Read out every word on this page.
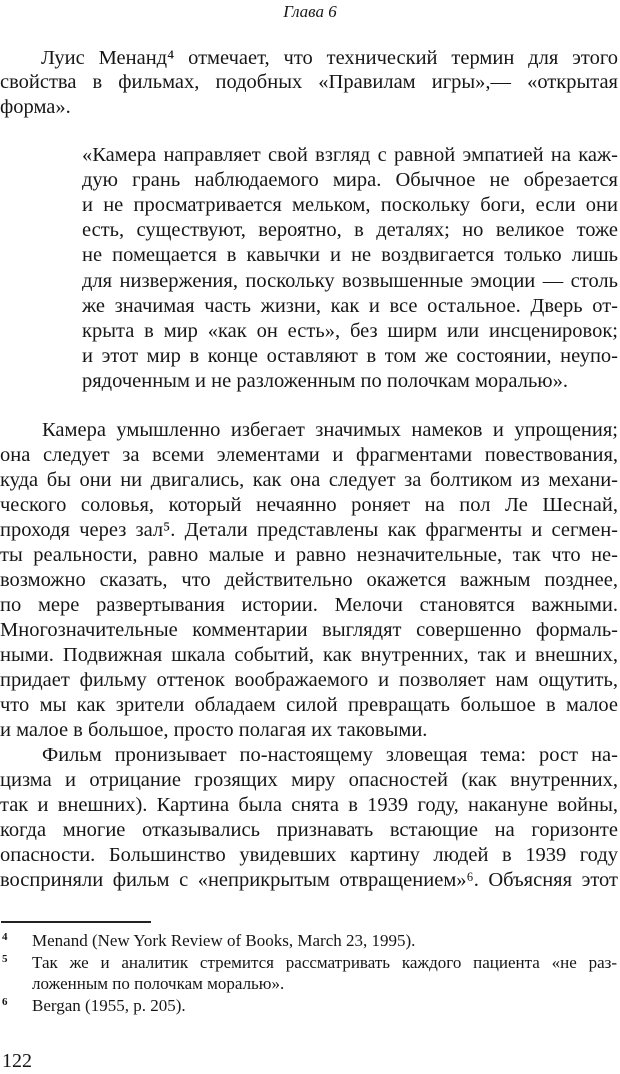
Глава 6
Луис Менанд⁴ отмечает, что технический термин для этого
свойства в фильмах, подобных «Правилам игры»,— «открытая
форма».
«Камера направляет свой взгляд с равной эмпатией на каж-
дую грань наблюдаемого мира. Обычное не обрезается
и не просматривается мельком, поскольку боги, если они
есть, существуют, вероятно, в деталях; но великое тоже
не помещается в кавычки и не воздвигается только лишь
для низвержения, поскольку возвышенные эмоции — столь
же значимая часть жизни, как и все остальное. Дверь от-
крыта в мир «как он есть», без ширм или инсценировок;
и этот мир в конце оставляют в том же состоянии, неупо-
рядоченным и не разложенным по полочкам моралью».
Камера умышленно избегает значимых намеков и упрощения;
она следует за всеми элементами и фрагментами повествования,
куда бы они ни двигались, как она следует за болтиком из механи-
ческого соловья, который нечаянно роняет на пол Ле Шеснай,
проходя через зал⁵. Детали представлены как фрагменты и сегмен-
ты реальности, равно малые и равно незначительные, так что не-
возможно сказать, что действительно окажется важным позднее,
по мере развертывания истории. Мелочи становятся важными.
Многозначительные комментарии выглядят совершенно формаль-
ными. Подвижная шкала событий, как внутренних, так и внешних,
придает фильму оттенок воображаемого и позволяет нам ощутить,
что мы как зрители обладаем силой превращать большое в малое
и малое в большое, просто полагая их таковыми.
Фильм пронизывает по-настоящему зловещая тема: рост на-
цизма и отрицание грозящих миру опасностей (как внутренних,
так и внешних). Картина была снята в 1939 году, накануне войны,
когда многие отказывались признавать встающие на горизонте
опасности. Большинство увидевших картину людей в 1939 году
восприняли фильм с «неприкрытым отвращением»⁶. Объясняя этот
4 Menand (New York Review of Books, March 23, 1995).
5 Так же и аналитик стремится рассматривать каждого пациента «не раз-
ложенным по полочкам моралью».
6 Bergan (1955, p. 205).
122
